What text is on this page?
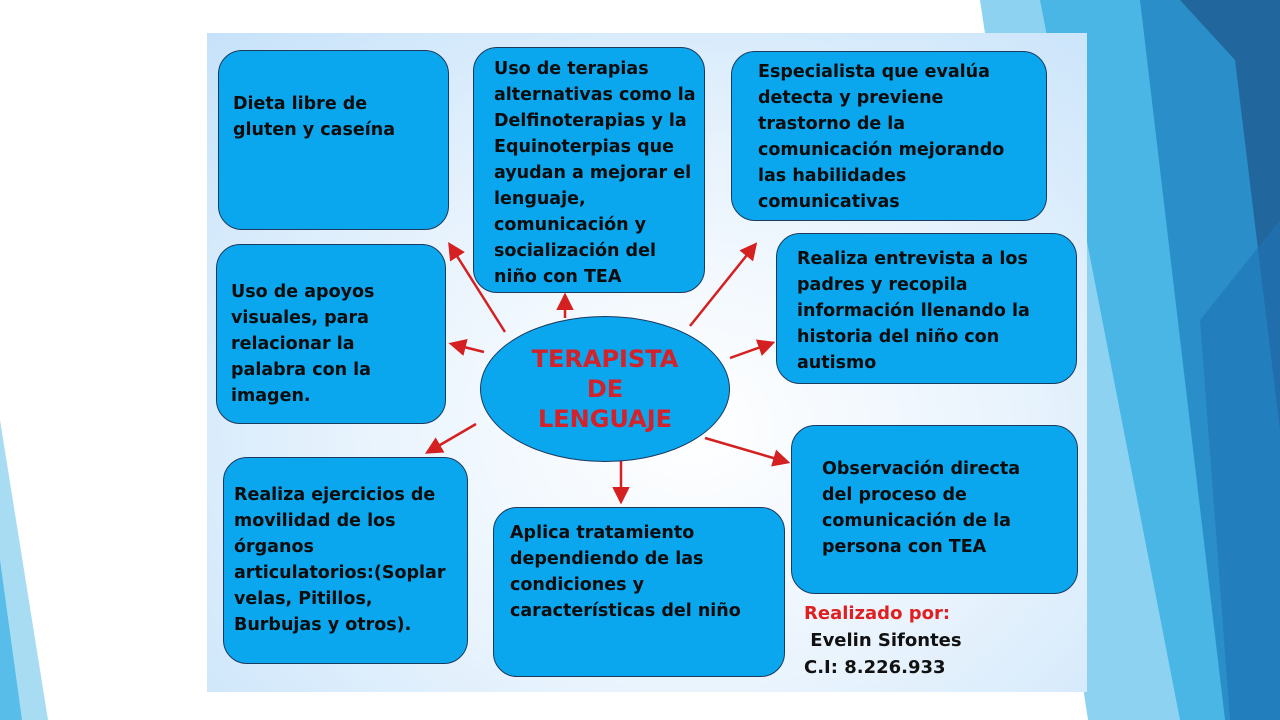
Dieta libre de
gluten y caseína
Uso de terapias
alternativas como la
Delfinoterapias y la
Equinoterpias que
ayudan a mejorar el
lenguaje,
comunicación y
socialización del
niño con TEA
Especialista que evalúa
detecta y previene
trastorno de la
comunicación mejorando
las habilidades
comunicativas
Realiza entrevista a los
padres y recopila
información llenando la
historia del niño con
autismo
Uso de apoyos
visuales, para
relacionar la
palabra con la
imagen.
Realiza ejercicios de
movilidad de los
órganos
articulatorios:(Soplar
velas, Pitillos,
Burbujas y otros).
Aplica tratamiento
dependiendo de las
condiciones y
características del niño
Observación directa
del proceso de
comunicación de la
persona con TEA
TERAPISTA
DE
LENGUAJE
Realizado por:
Evelin Sifontes
C.I: 8.226.933
